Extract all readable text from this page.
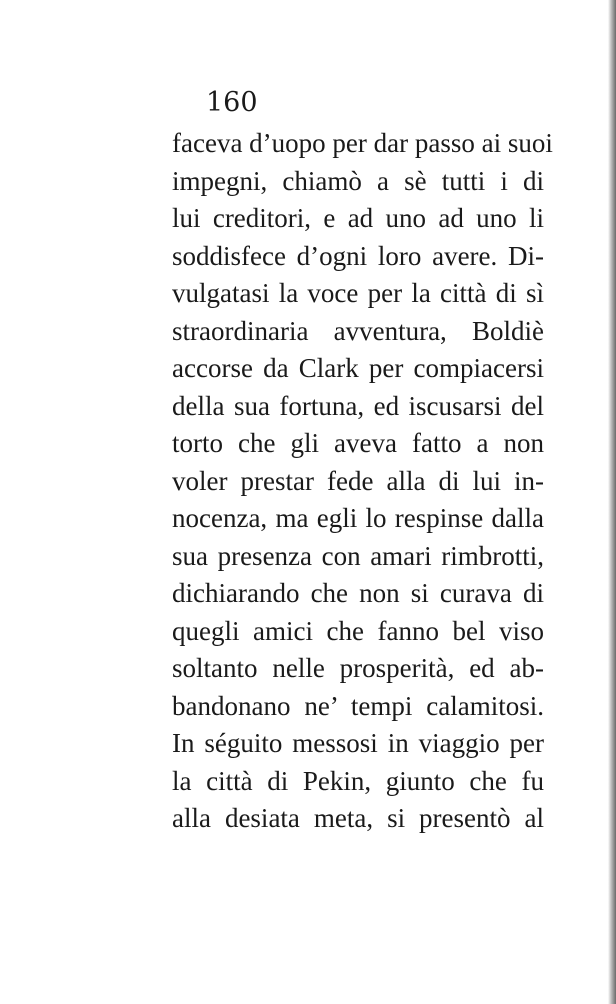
160

faceva d’uopo per dar passo ai suoi
impegni, chiamò a sè tutti i di
lui creditori, e ad uno ad uno li
soddisfece d’ogni loro avere. Di-
vulgatasi la voce per la città di sì
straordinaria avventura, Boldiè
accorse da Clark per compiacersi
della sua fortuna, ed iscusarsi del
torto che gli aveva fatto a non
voler prestar fede alla di lui in-
nocenza, ma egli lo respinse dalla
sua presenza con amari rimbrotti,
dichiarando che non si curava di
quegli amici che fanno bel viso
soltanto nelle prosperità, ed ab-
bandonano ne’ tempi calamitosi.
In séguito messosi in viaggio per
la città di Pekin, giunto che fu
alla desiata meta, si presentò al
